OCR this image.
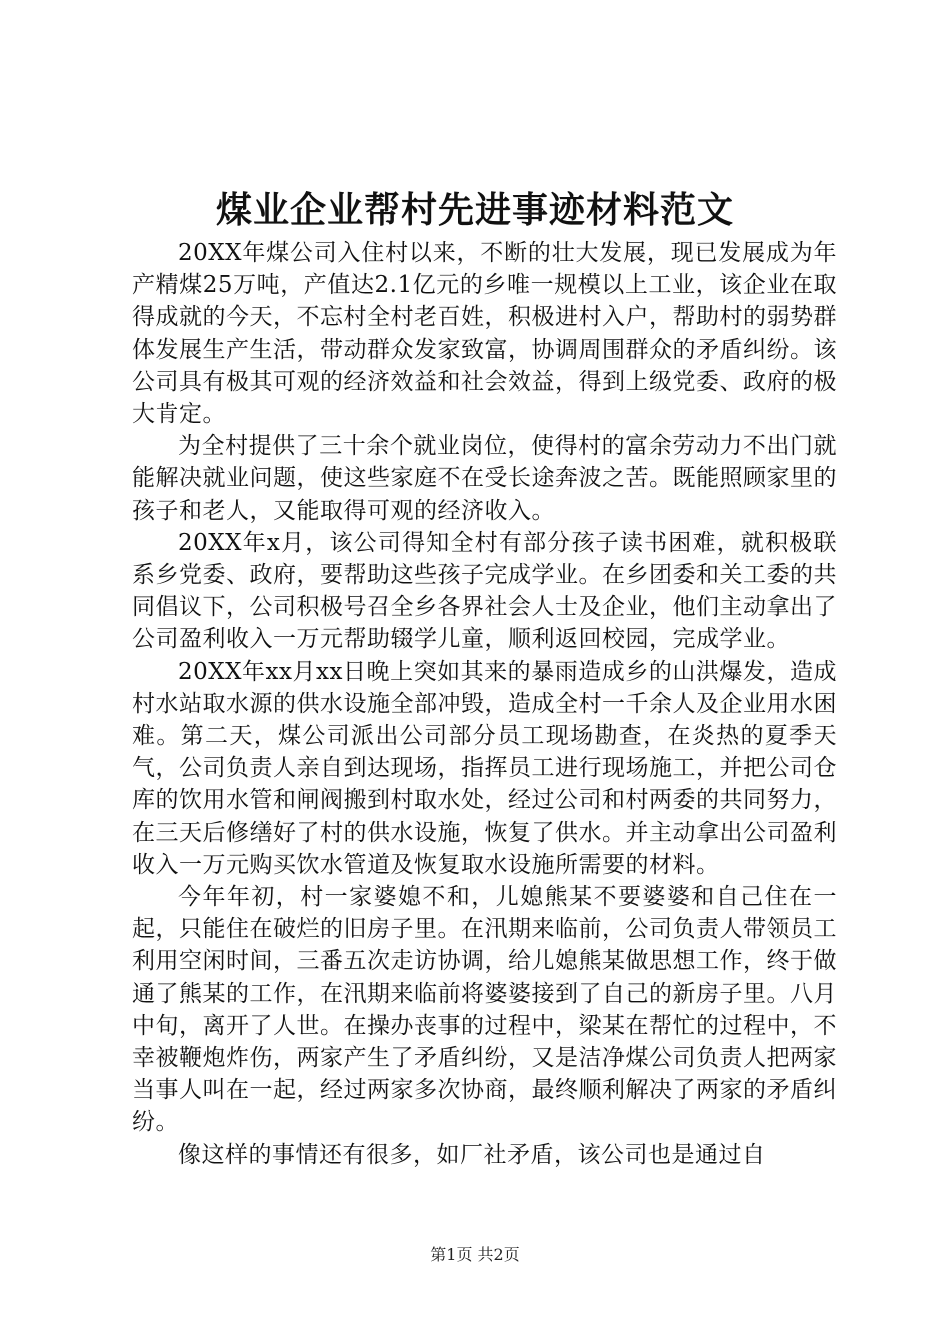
煤业企业帮村先进事迹材料范文

20XX年煤公司入住村以来，不断的壮大发展，现已发展成为年产精煤25万吨，产值达2.1亿元的乡唯一规模以上工业，该企业在取得成就的今天，不忘村全村老百姓，积极进村入户，帮助村的弱势群体发展生产生活，带动群众发家致富，协调周围群众的矛盾纠纷。该公司具有极其可观的经济效益和社会效益，得到上级党委、政府的极大肯定。

为全村提供了三十余个就业岗位，使得村的富余劳动力不出门就能解决就业问题，使这些家庭不在受长途奔波之苦。既能照顾家里的孩子和老人，又能取得可观的经济收入。

20XX年x月，该公司得知全村有部分孩子读书困难，就积极联系乡党委、政府，要帮助这些孩子完成学业。在乡团委和关工委的共同倡议下，公司积极号召全乡各界社会人士及企业，他们主动拿出了公司盈利收入一万元帮助辍学儿童，顺利返回校园，完成学业。

20XX年xx月xx日晚上突如其来的暴雨造成乡的山洪爆发，造成村水站取水源的供水设施全部冲毁，造成全村一千余人及企业用水困难。第二天，煤公司派出公司部分员工现场勘查，在炎热的夏季天气，公司负责人亲自到达现场，指挥员工进行现场施工，并把公司仓库的饮用水管和闸阀搬到村取水处，经过公司和村两委的共同努力，在三天后修缮好了村的供水设施，恢复了供水。并主动拿出公司盈利收入一万元购买饮水管道及恢复取水设施所需要的材料。

今年年初，村一家婆媳不和，儿媳熊某不要婆婆和自己住在一起，只能住在破烂的旧房子里。在汛期来临前，公司负责人带领员工利用空闲时间，三番五次走访协调，给儿媳熊某做思想工作，终于做通了熊某的工作，在汛期来临前将婆婆接到了自己的新房子里。八月中旬，离开了人世。在操办丧事的过程中，梁某在帮忙的过程中，不幸被鞭炮炸伤，两家产生了矛盾纠纷，又是洁净煤公司负责人把两家当事人叫在一起，经过两家多次协商，最终顺利解决了两家的矛盾纠纷。

像这样的事情还有很多，如厂社矛盾，该公司也是通过自

第1页 共2页
